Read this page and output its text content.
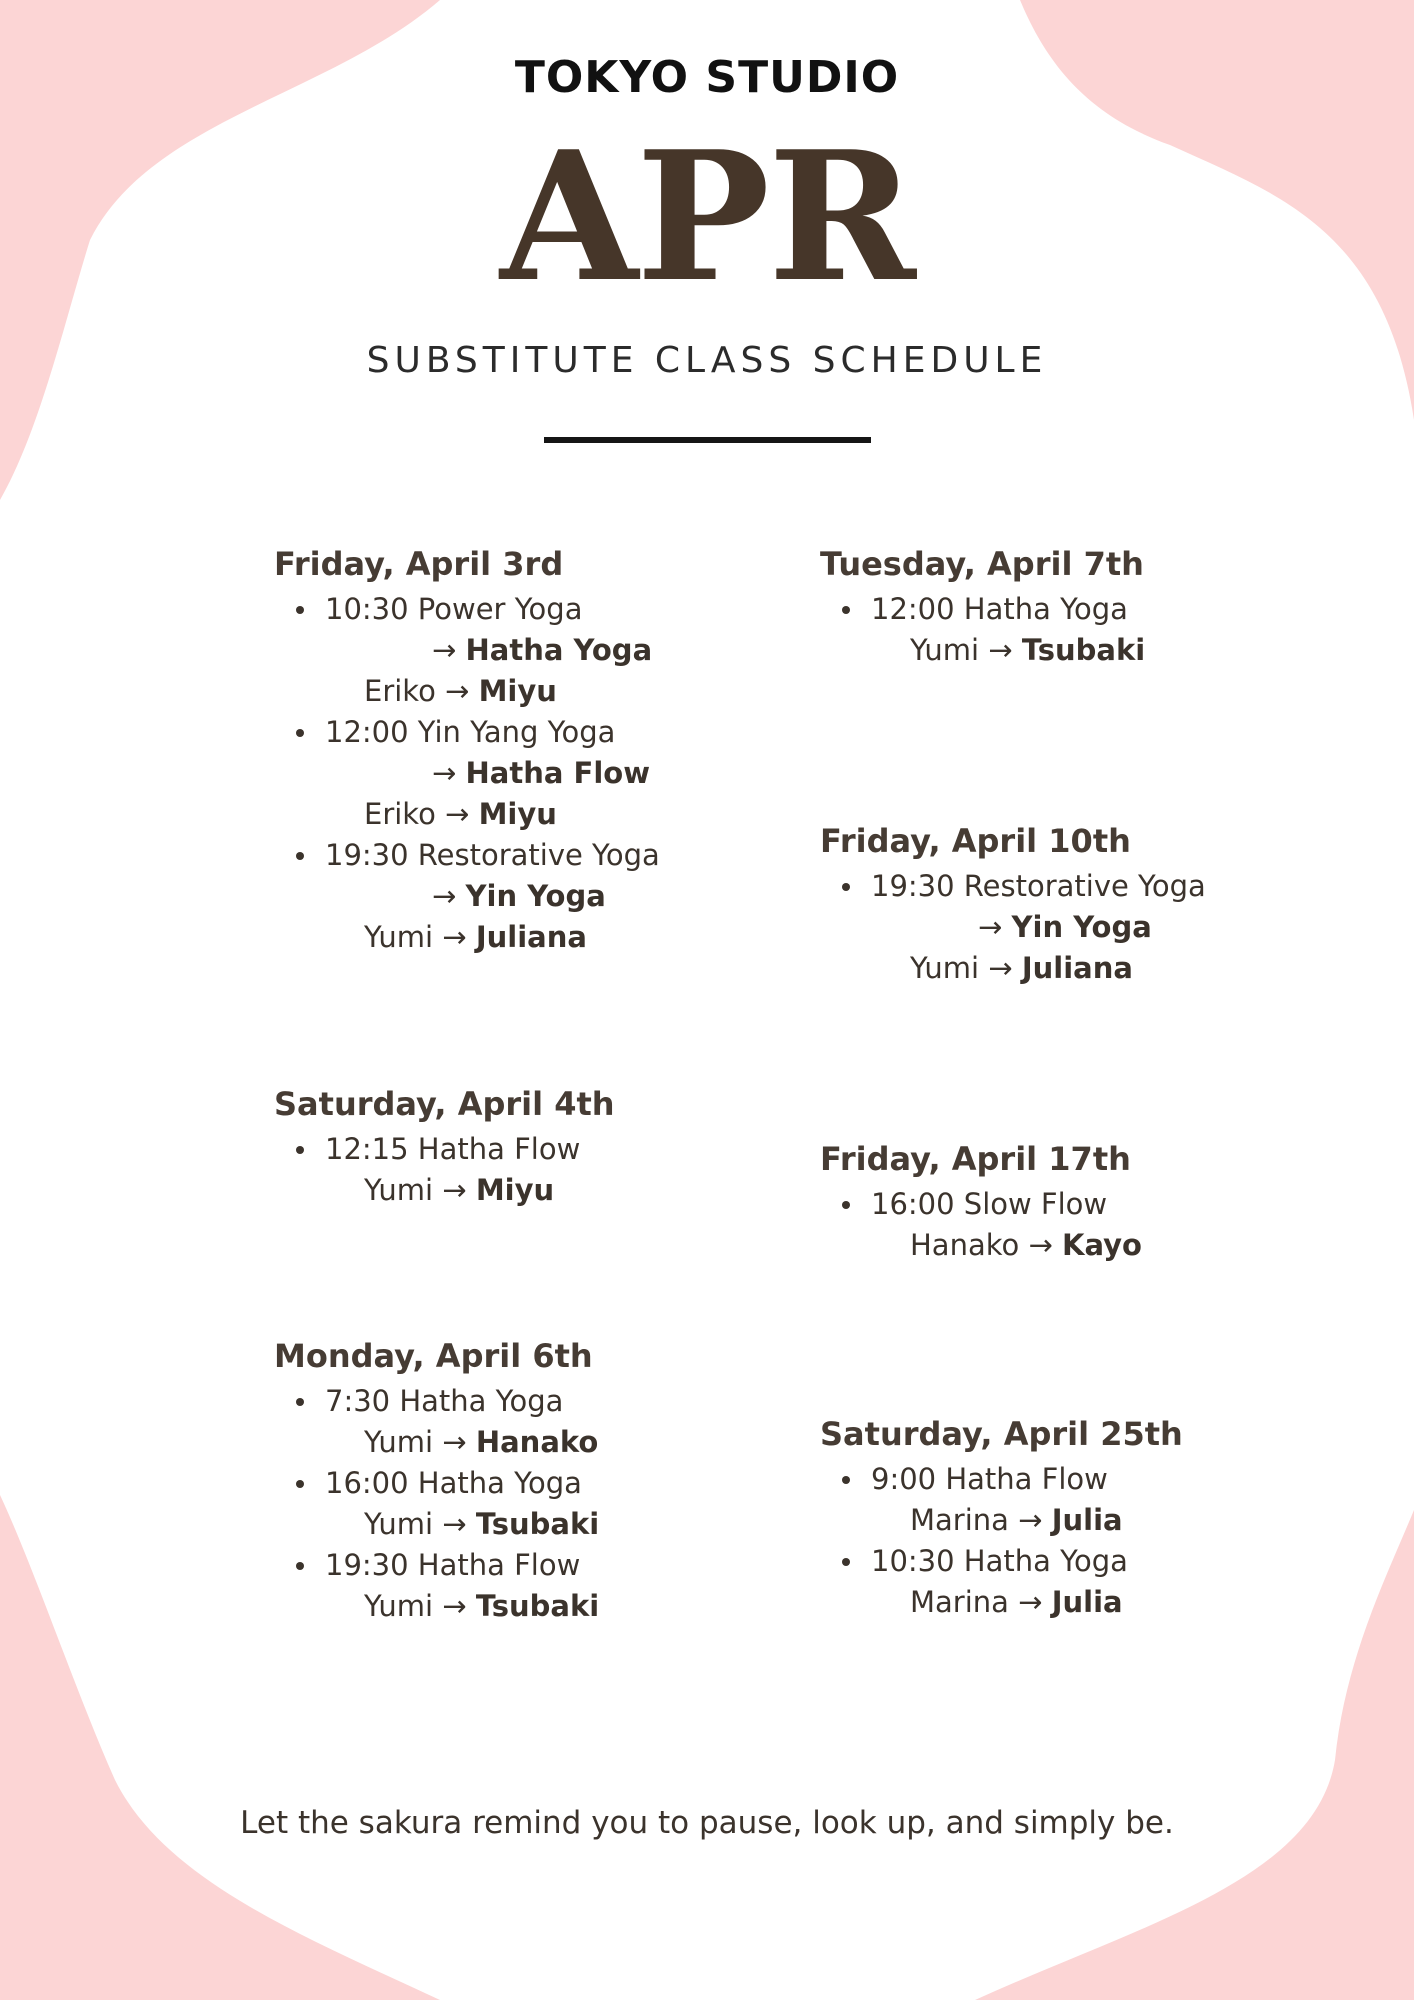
TOKYO STUDIO
APR
SUBSTITUTE CLASS SCHEDULE
Friday, April 3rd
10:30 Power Yoga
→ Hatha Yoga
Eriko → Miyu
12:00 Yin Yang Yoga
→ Hatha Flow
Eriko → Miyu
19:30 Restorative Yoga
→ Yin Yoga
Yumi → Juliana
Saturday, April 4th
12:15 Hatha Flow
Yumi → Miyu
Monday, April 6th
7:30 Hatha Yoga
Yumi → Hanako
16:00 Hatha Yoga
Yumi → Tsubaki
19:30 Hatha Flow
Yumi → Tsubaki
Tuesday, April 7th
12:00 Hatha Yoga
Yumi → Tsubaki
Friday, April 10th
19:30 Restorative Yoga
→ Yin Yoga
Yumi → Juliana
Friday, April 17th
16:00 Slow Flow
Hanako → Kayo
Saturday, April 25th
9:00 Hatha Flow
Marina → Julia
10:30 Hatha Yoga
Marina → Julia
Let the sakura remind you to pause, look up, and simply be.
